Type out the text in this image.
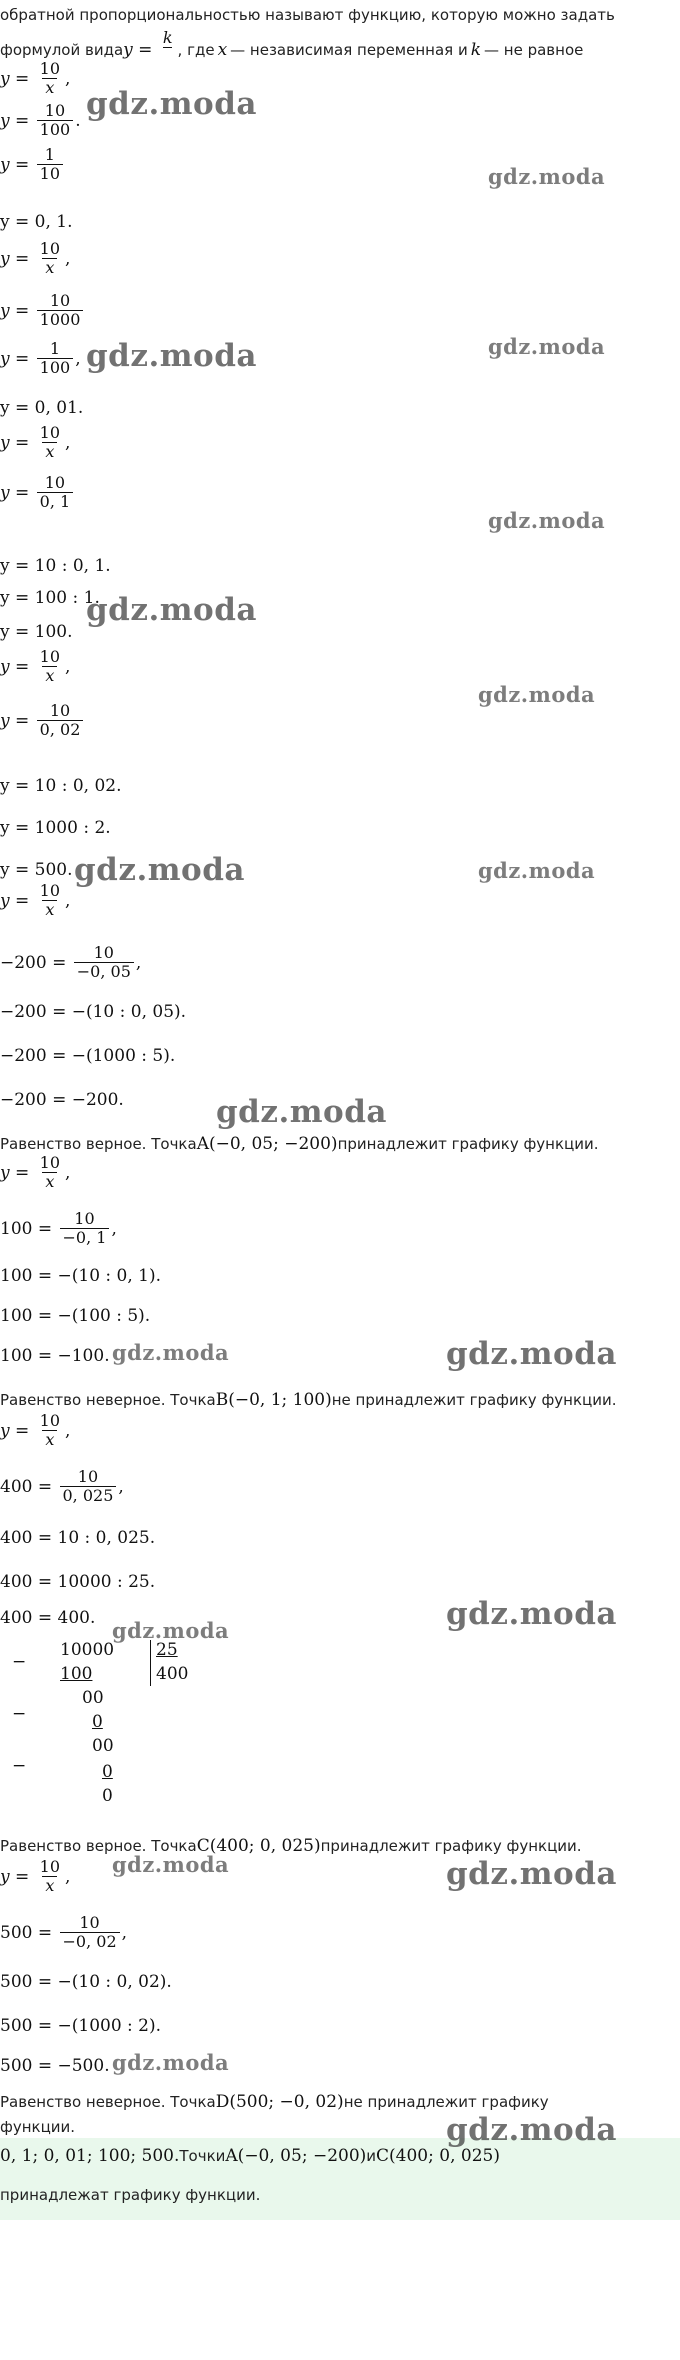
обратной пропорциональностью называют функцию, которую можно задать
формулой вида y =
k

, где x — независимая переменная и k — не равное
$y = \frac{10}{x}$ ,
$y = \frac{10}{100}$ .
$y = \frac{1}{10}$
y = 0, 1.
$y = \frac{10}{x}$ ,
$y = \frac{10}{1000}$
$y = \frac{1}{100}$ ,
y = 0, 01.
$y = \frac{10}{x}$ ,
$y = \frac{10}{0, 1}$
y = 10 : 0, 1.
y = 100 : 1.
y = 100.
$y = \frac{10}{x}$ ,
$y = \frac{10}{0, 02}$
y = 10 : 0, 02.
y = 1000 : 2.
y = 500.
$y = \frac{10}{x}$ ,
$-200 = \frac{10}{-0, 05}$ ,
−200 = −(10 : 0, 05).
−200 = −(1000 : 5).
−200 = −200.
Равенство верное. Точка A(−0, 05; −200) принадлежит графику функции.
$y = \frac{10}{x}$ ,
$100 = \frac{10}{-0, 1}$ ,
100 = −(10 : 0, 1).
100 = −(100 : 5).
100 = −100.
Равенство неверное. Точка B(−0, 1; 100) не принадлежит графику функции.
$y = \frac{10}{x}$ ,
$400 = \frac{10}{0, 025}$ ,
400 = 10 : 0, 025.
400 = 10000 : 25.
400 = 400.
−
10000
100
25
400
00
−	0
00
−	0
0
Равенство верное. Точка C(400; 0, 025) принадлежит графику функции.
$y = \frac{10}{x}$ ,
$500 = \frac{10}{-0, 02}$ ,
500 = −(10 : 0, 02).
500 = −(1000 : 2).
500 = −500.
Равенство неверное. Точка D(500; −0, 02) не принадлежит графику
функции.
0, 1; 0, 01; 100; 500. Точки A(−0, 05; −200) и C(400; 0, 025)
принадлежат графику функции.
gdz.moda
gdz.moda
gdz.moda	gdz.moda
gdz.moda
gdz.moda
gdz.moda
gdz.moda	gdz.moda
gdz.moda
gdz.moda	gdz.moda
gdz.moda
gdz.moda
gdz.moda	gdz.moda
gdz.moda
gdz.moda
